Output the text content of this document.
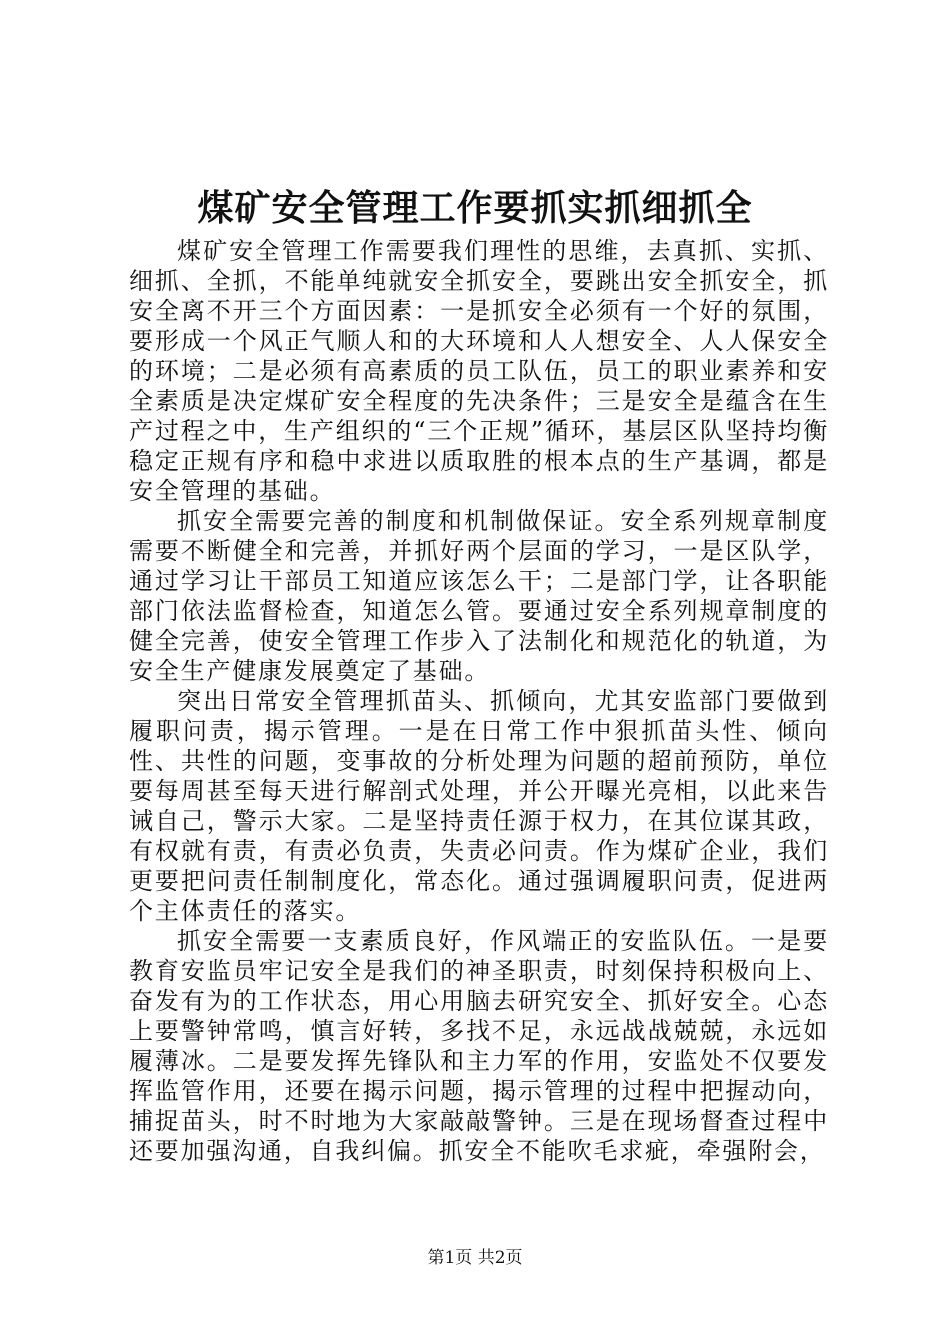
煤矿安全管理工作要抓实抓细抓全

煤矿安全管理工作需要我们理性的思维，去真抓、实抓、细抓、全抓，不能单纯就安全抓安全，要跳出安全抓安全，抓安全离不开三个方面因素：一是抓安全必须有一个好的氛围，要形成一个风正气顺人和的大环境和人人想安全、人人保安全的环境；二是必须有高素质的员工队伍，员工的职业素养和安全素质是决定煤矿安全程度的先决条件；三是安全是蕴含在生产过程之中，生产组织的“三个正规”循环，基层区队坚持均衡稳定正规有序和稳中求进以质取胜的根本点的生产基调，都是安全管理的基础。

抓安全需要完善的制度和机制做保证。安全系列规章制度需要不断健全和完善，并抓好两个层面的学习，一是区队学，通过学习让干部员工知道应该怎么干；二是部门学，让各职能部门依法监督检查，知道怎么管。要通过安全系列规章制度的健全完善，使安全管理工作步入了法制化和规范化的轨道，为安全生产健康发展奠定了基础。

突出日常安全管理抓苗头、抓倾向，尤其安监部门要做到履职问责，揭示管理。一是在日常工作中狠抓苗头性、倾向性、共性的问题，变事故的分析处理为问题的超前预防，单位要每周甚至每天进行解剖式处理，并公开曝光亮相，以此来告诫自己，警示大家。二是坚持责任源于权力，在其位谋其政，有权就有责，有责必负责，失责必问责。作为煤矿企业，我们更要把问责任制制度化，常态化。通过强调履职问责，促进两个主体责任的落实。

抓安全需要一支素质良好，作风端正的安监队伍。一是要教育安监员牢记安全是我们的神圣职责，时刻保持积极向上、奋发有为的工作状态，用心用脑去研究安全、抓好安全。心态上要警钟常鸣，慎言好转，多找不足，永远战战兢兢，永远如履薄冰。二是要发挥先锋队和主力军的作用，安监处不仅要发挥监管作用，还要在揭示问题，揭示管理的过程中把握动向，捕捉苗头，时不时地为大家敲敲警钟。三是在现场督查过程中还要加强沟通，自我纠偏。抓安全不能吹毛求疵，牵强附会，

第1页 共2页
